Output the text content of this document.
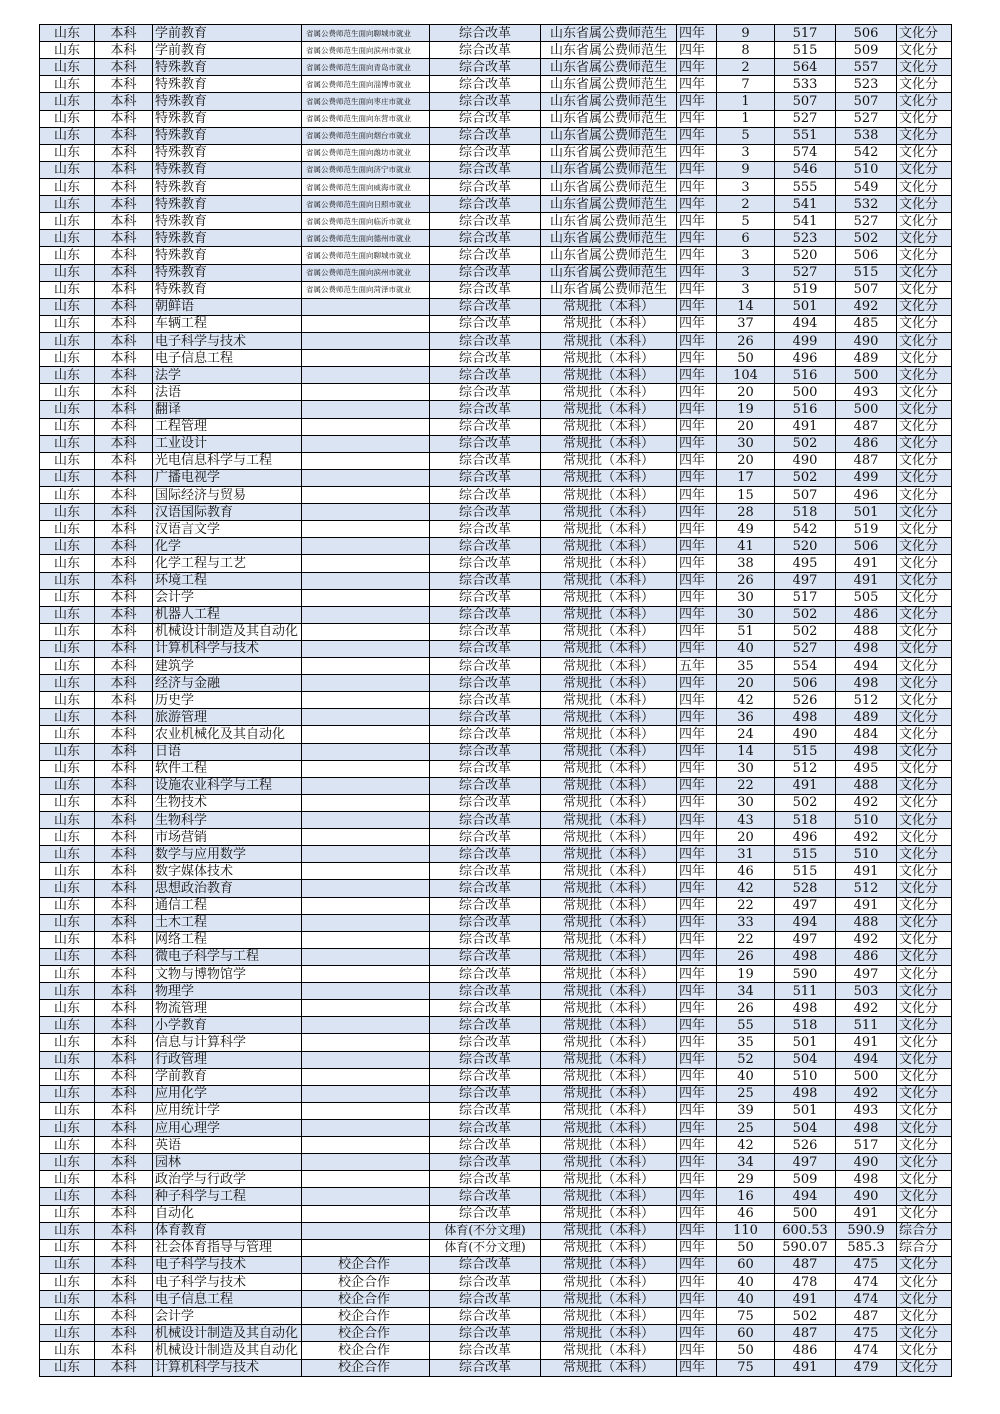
山东	本科	学前教育	省属公费师范生面向聊城市就业	综合改革	山东省属公费师范生	四年	9	517	506	文化分
山东	本科	学前教育	省属公费师范生面向滨州市就业	综合改革	山东省属公费师范生	四年	8	515	509	文化分
山东	本科	特殊教育	省属公费师范生面向青岛市就业	综合改革	山东省属公费师范生	四年	2	564	557	文化分
山东	本科	特殊教育	省属公费师范生面向淄博市就业	综合改革	山东省属公费师范生	四年	7	533	523	文化分
山东	本科	特殊教育	省属公费师范生面向枣庄市就业	综合改革	山东省属公费师范生	四年	1	507	507	文化分
山东	本科	特殊教育	省属公费师范生面向东营市就业	综合改革	山东省属公费师范生	四年	1	527	527	文化分
山东	本科	特殊教育	省属公费师范生面向烟台市就业	综合改革	山东省属公费师范生	四年	5	551	538	文化分
山东	本科	特殊教育	省属公费师范生面向潍坊市就业	综合改革	山东省属公费师范生	四年	3	574	542	文化分
山东	本科	特殊教育	省属公费师范生面向济宁市就业	综合改革	山东省属公费师范生	四年	9	546	510	文化分
山东	本科	特殊教育	省属公费师范生面向威海市就业	综合改革	山东省属公费师范生	四年	3	555	549	文化分
山东	本科	特殊教育	省属公费师范生面向日照市就业	综合改革	山东省属公费师范生	四年	2	541	532	文化分
山东	本科	特殊教育	省属公费师范生面向临沂市就业	综合改革	山东省属公费师范生	四年	5	541	527	文化分
山东	本科	特殊教育	省属公费师范生面向德州市就业	综合改革	山东省属公费师范生	四年	6	523	502	文化分
山东	本科	特殊教育	省属公费师范生面向聊城市就业	综合改革	山东省属公费师范生	四年	3	520	506	文化分
山东	本科	特殊教育	省属公费师范生面向滨州市就业	综合改革	山东省属公费师范生	四年	3	527	515	文化分
山东	本科	特殊教育	省属公费师范生面向菏泽市就业	综合改革	山东省属公费师范生	四年	3	519	507	文化分
山东	本科	朝鲜语		综合改革	常规批（本科）	四年	14	501	492	文化分
山东	本科	车辆工程		综合改革	常规批（本科）	四年	37	494	485	文化分
山东	本科	电子科学与技术		综合改革	常规批（本科）	四年	26	499	490	文化分
山东	本科	电子信息工程		综合改革	常规批（本科）	四年	50	496	489	文化分
山东	本科	法学		综合改革	常规批（本科）	四年	104	516	500	文化分
山东	本科	法语		综合改革	常规批（本科）	四年	20	500	493	文化分
山东	本科	翻译		综合改革	常规批（本科）	四年	19	516	500	文化分
山东	本科	工程管理		综合改革	常规批（本科）	四年	20	491	487	文化分
山东	本科	工业设计		综合改革	常规批（本科）	四年	30	502	486	文化分
山东	本科	光电信息科学与工程		综合改革	常规批（本科）	四年	20	490	487	文化分
山东	本科	广播电视学		综合改革	常规批（本科）	四年	17	502	499	文化分
山东	本科	国际经济与贸易		综合改革	常规批（本科）	四年	15	507	496	文化分
山东	本科	汉语国际教育		综合改革	常规批（本科）	四年	28	518	501	文化分
山东	本科	汉语言文学		综合改革	常规批（本科）	四年	49	542	519	文化分
山东	本科	化学		综合改革	常规批（本科）	四年	41	520	506	文化分
山东	本科	化学工程与工艺		综合改革	常规批（本科）	四年	38	495	491	文化分
山东	本科	环境工程		综合改革	常规批（本科）	四年	26	497	491	文化分
山东	本科	会计学		综合改革	常规批（本科）	四年	30	517	505	文化分
山东	本科	机器人工程		综合改革	常规批（本科）	四年	30	502	486	文化分
山东	本科	机械设计制造及其自动化		综合改革	常规批（本科）	四年	51	502	488	文化分
山东	本科	计算机科学与技术		综合改革	常规批（本科）	四年	40	527	498	文化分
山东	本科	建筑学		综合改革	常规批（本科）	五年	35	554	494	文化分
山东	本科	经济与金融		综合改革	常规批（本科）	四年	20	506	498	文化分
山东	本科	历史学		综合改革	常规批（本科）	四年	42	526	512	文化分
山东	本科	旅游管理		综合改革	常规批（本科）	四年	36	498	489	文化分
山东	本科	农业机械化及其自动化		综合改革	常规批（本科）	四年	24	490	484	文化分
山东	本科	日语		综合改革	常规批（本科）	四年	14	515	498	文化分
山东	本科	软件工程		综合改革	常规批（本科）	四年	30	512	495	文化分
山东	本科	设施农业科学与工程		综合改革	常规批（本科）	四年	22	491	488	文化分
山东	本科	生物技术		综合改革	常规批（本科）	四年	30	502	492	文化分
山东	本科	生物科学		综合改革	常规批（本科）	四年	43	518	510	文化分
山东	本科	市场营销		综合改革	常规批（本科）	四年	20	496	492	文化分
山东	本科	数学与应用数学		综合改革	常规批（本科）	四年	31	515	510	文化分
山东	本科	数字媒体技术		综合改革	常规批（本科）	四年	46	515	491	文化分
山东	本科	思想政治教育		综合改革	常规批（本科）	四年	42	528	512	文化分
山东	本科	通信工程		综合改革	常规批（本科）	四年	22	497	491	文化分
山东	本科	土木工程		综合改革	常规批（本科）	四年	33	494	488	文化分
山东	本科	网络工程		综合改革	常规批（本科）	四年	22	497	492	文化分
山东	本科	微电子科学与工程		综合改革	常规批（本科）	四年	26	498	486	文化分
山东	本科	文物与博物馆学		综合改革	常规批（本科）	四年	19	590	497	文化分
山东	本科	物理学		综合改革	常规批（本科）	四年	34	511	503	文化分
山东	本科	物流管理		综合改革	常规批（本科）	四年	26	498	492	文化分
山东	本科	小学教育		综合改革	常规批（本科）	四年	55	518	511	文化分
山东	本科	信息与计算科学		综合改革	常规批（本科）	四年	35	501	491	文化分
山东	本科	行政管理		综合改革	常规批（本科）	四年	52	504	494	文化分
山东	本科	学前教育		综合改革	常规批（本科）	四年	40	510	500	文化分
山东	本科	应用化学		综合改革	常规批（本科）	四年	25	498	492	文化分
山东	本科	应用统计学		综合改革	常规批（本科）	四年	39	501	493	文化分
山东	本科	应用心理学		综合改革	常规批（本科）	四年	25	504	498	文化分
山东	本科	英语		综合改革	常规批（本科）	四年	42	526	517	文化分
山东	本科	园林		综合改革	常规批（本科）	四年	34	497	490	文化分
山东	本科	政治学与行政学		综合改革	常规批（本科）	四年	29	509	498	文化分
山东	本科	种子科学与工程		综合改革	常规批（本科）	四年	16	494	490	文化分
山东	本科	自动化		综合改革	常规批（本科）	四年	46	500	491	文化分
山东	本科	体育教育		体育(不分文理)	常规批（本科）	四年	110	600.53	590.9	综合分
山东	本科	社会体育指导与管理		体育(不分文理)	常规批（本科）	四年	50	590.07	585.3	综合分
山东	本科	电子科学与技术	校企合作	综合改革	常规批（本科）	四年	60	487	475	文化分
山东	本科	电子科学与技术	校企合作	综合改革	常规批（本科）	四年	40	478	474	文化分
山东	本科	电子信息工程	校企合作	综合改革	常规批（本科）	四年	40	491	474	文化分
山东	本科	会计学	校企合作	综合改革	常规批（本科）	四年	75	502	487	文化分
山东	本科	机械设计制造及其自动化	校企合作	综合改革	常规批（本科）	四年	60	487	475	文化分
山东	本科	机械设计制造及其自动化	校企合作	综合改革	常规批（本科）	四年	50	486	474	文化分
山东	本科	计算机科学与技术	校企合作	综合改革	常规批（本科）	四年	75	491	479	文化分
